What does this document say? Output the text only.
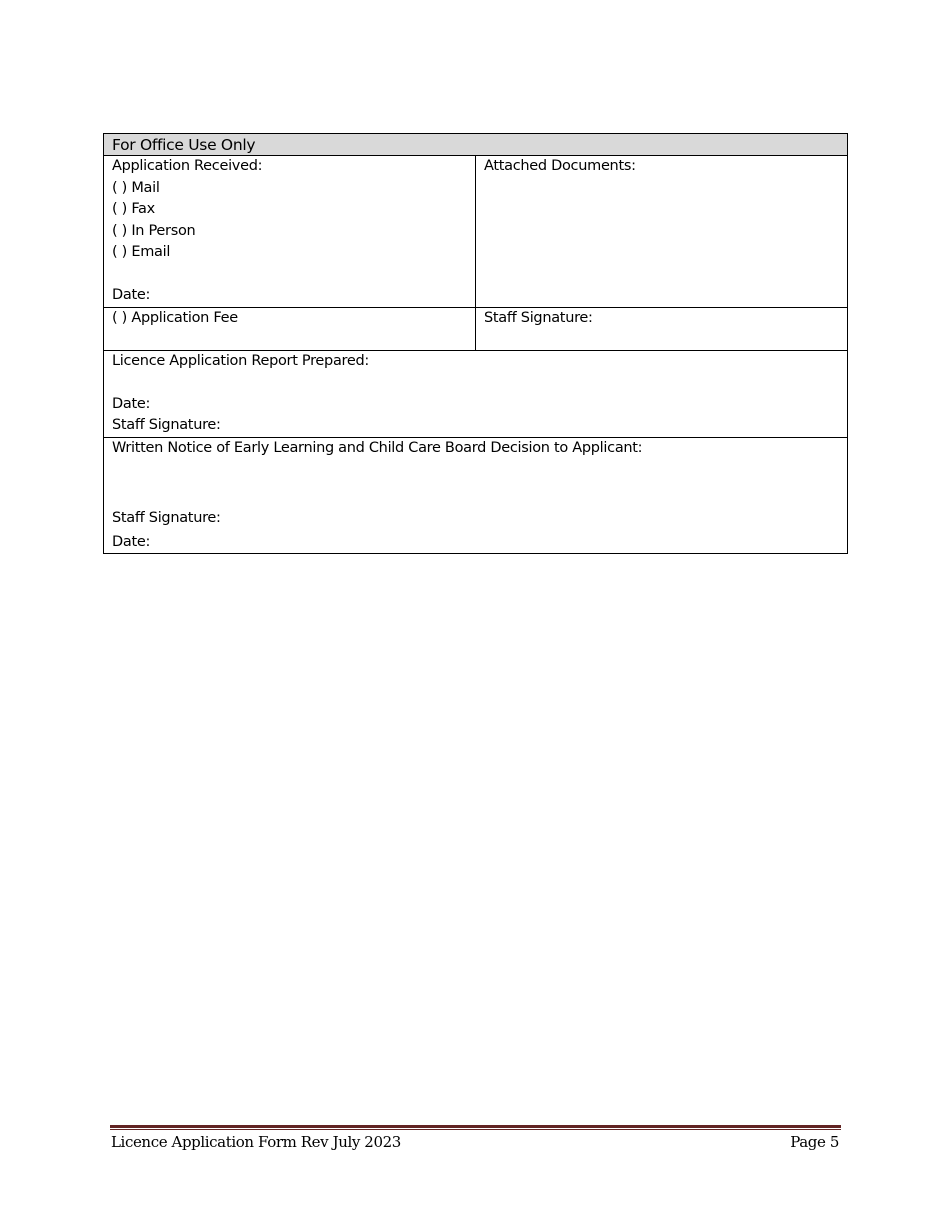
For Office Use Only	

Application Received:
( ) Mail
( ) Fax
( ) In Person
( ) Email
Date:

Attached Documents:

( ) Application Fee	Staff Signature:

Licence Application Report Prepared:
Date:
Staff Signature:	

Written Notice of Early Learning and Child Care Board Decision to Applicant:
Staff Signature:
Date:	
Licence Application Form Rev July 2023	Page 5
